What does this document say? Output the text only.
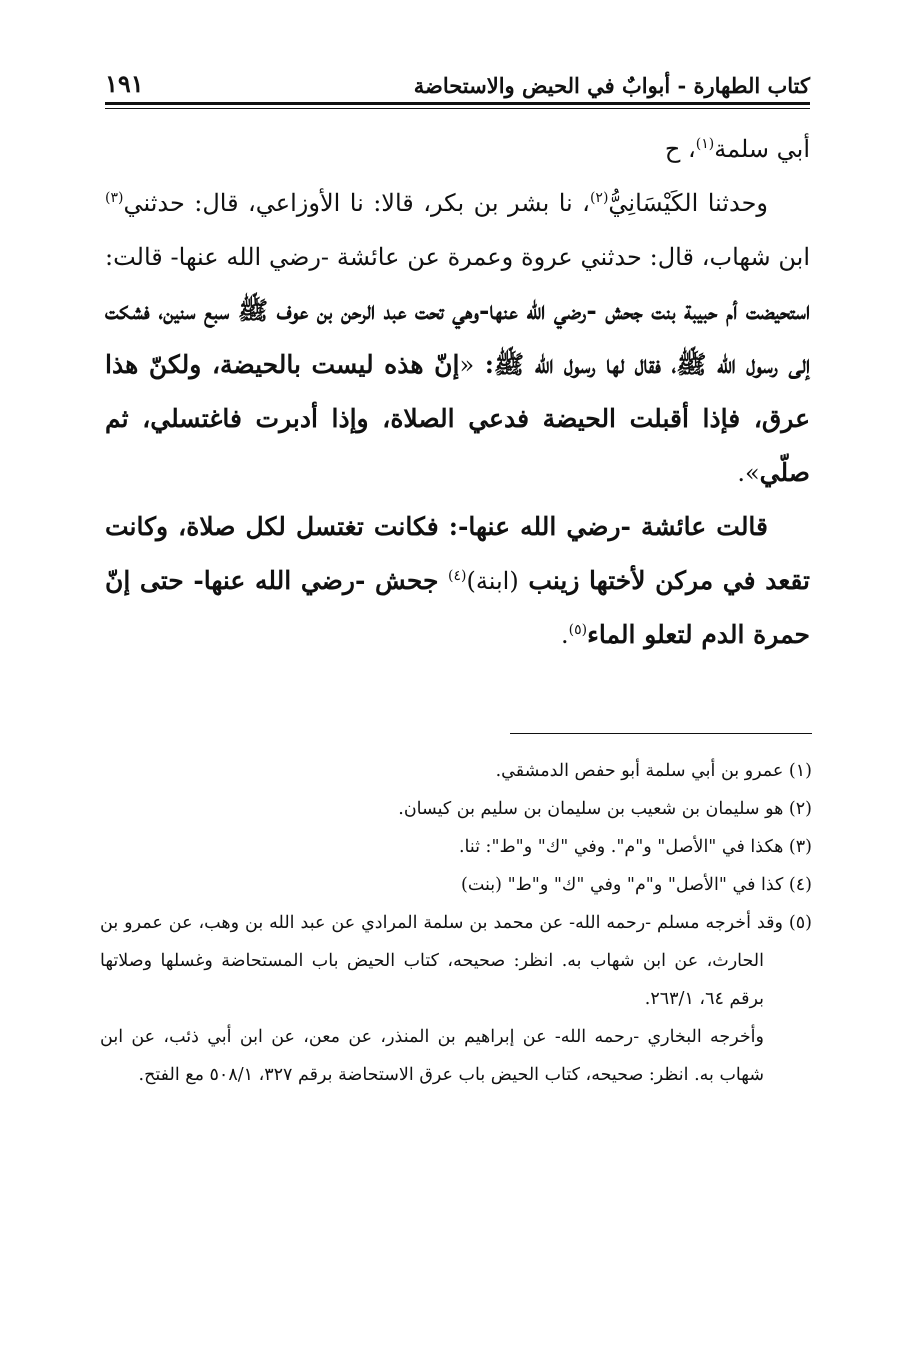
كتاب الطهارة - أبوابٌ في الحيض والاستحاضة
١٩١

أبي سلمة$^{(١)}$، ح

وحدثنا الكَيْسَانِيُّ$^{(٢)}$، نا بشر بن بكر، قالا: نا الأوزاعي، قال: حدثني$^{(٣)}$ ابن شهاب، قال: حدثني عروة وعمرة عن عائشة -رضي الله عنها- قالت: استحيضت أم حبيبة بنت جحش -رضي الله عنها-وهي تحت عبد الرحن بن عوف ﷺ سبع سنين، فشكت إلى رسول الله ﷺ، فقال لها رسول الله ﷺ: «إنّ هذه ليست بالحيضة، ولكنّ هذا عرق، فإذا أقبلت الحيضة فدعي الصلاة، وإذا أدبرت فاغتسلي، ثم صلّي».

قالت عائشة -رضي الله عنها-: فكانت تغتسل لكل صلاة، وكانت تقعد في مركن لأختها زينب (ابنة)$^{(٤)}$ جحش -رضي الله عنها- حتى إنّ حمرة الدم لتعلو الماء$^{(٥)}$.

(١) عمرو بن أبي سلمة أبو حفص الدمشقي.

(٢) هو سليمان بن شعيب بن سليمان بن سليم بن كيسان.

(٣) هكذا في "الأصل" و"م". وفي "ك" و"ط": ثنا.

(٤) كذا في "الأصل" و"م" وفي "ك" و"ط" (بنت)

(٥) وقد أخرجه مسلم -رحمه الله- عن محمد بن سلمة المرادي عن عبد الله بن وهب، عن عمرو بن الحارث، عن ابن شهاب به. انظر: صحيحه، كتاب الحيض باب المستحاضة وغسلها وصلاتها برقم ٦٤، ٢٦٣/١.

وأخرجه البخاري -رحمه الله- عن إبراهيم بن المنذر، عن معن، عن ابن أبي ذئب، عن ابن شهاب به. انظر: صحيحه، كتاب الحيض باب عرق الاستحاضة برقم ٣٢٧، ٥٠٨/١ مع الفتح.
